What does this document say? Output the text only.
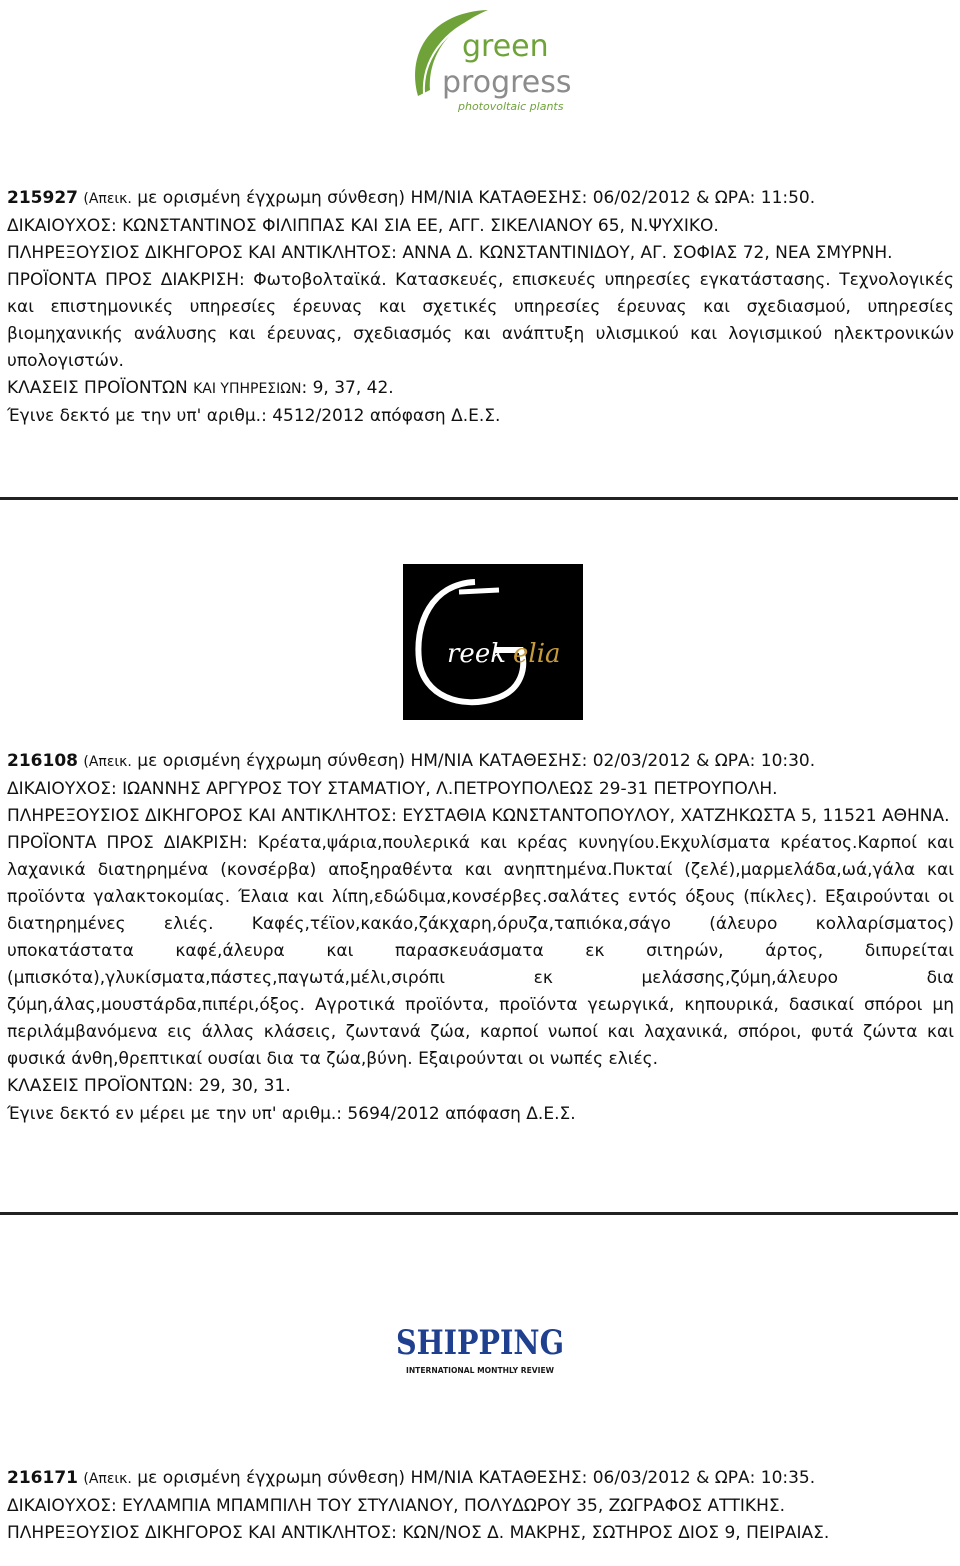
green
progress
photovoltaic plants

215927 (Απεικ. με ορισμένη έγχρωμη σύνθεση) ΗΜ/ΝΙΑ ΚΑΤΑΘΕΣΗΣ: 06/02/2012 & ΩΡΑ: 11:50.

ΔΙΚΑΙΟΥΧΟΣ: ΚΩΝΣΤΑΝΤΙΝΟΣ ΦΙΛΙΠΠΑΣ ΚΑΙ ΣΙΑ ΕΕ, ΑΓΓ. ΣΙΚΕΛΙΑΝΟΥ 65, Ν.ΨΥΧΙΚΟ.

ΠΛΗΡΕΞΟΥΣΙΟΣ ΔΙΚΗΓΟΡΟΣ ΚΑΙ ΑΝΤΙΚΛΗΤΟΣ: ΑΝΝΑ Δ. ΚΩΝΣΤΑΝΤΙΝΙΔΟΥ, ΑΓ. ΣΟΦΙΑΣ 72, ΝΕΑ ΣΜΥΡΝΗ.

ΠΡΟΪΟΝΤΑ ΠΡΟΣ ΔΙΑΚΡΙΣΗ: Φωτοβολταϊκά. Κατασκευές, επισκευές υπηρεσίες εγκατάστασης. Τεχνολογικές και επιστημονικές υπηρεσίες έρευνας και σχετικές υπηρεσίες έρευνας και σχεδιασμού, υπηρεσίες βιομηχανικής ανάλυσης και έρευνας, σχεδιασμός και ανάπτυξη υλισμικού και λογισμικού ηλεκτρονικών υπολογιστών.

ΚΛΑΣΕΙΣ ΠΡΟΪΟΝΤΩΝ ΚΑΙ ΥΠΗΡΕΣΙΩΝ: 9, 37, 42.

Έγινε δεκτό με την υπ' αριθμ.: 4512/2012 απόφαση Δ.Ε.Σ.

reek elia

216108 (Απεικ. με ορισμένη έγχρωμη σύνθεση) ΗΜ/ΝΙΑ ΚΑΤΑΘΕΣΗΣ: 02/03/2012 & ΩΡΑ: 10:30.

ΔΙΚΑΙΟΥΧΟΣ: ΙΩΑΝΝΗΣ ΑΡΓΥΡΟΣ ΤΟΥ ΣΤΑΜΑΤΙΟΥ, Λ.ΠΕΤΡΟΥΠΟΛΕΩΣ 29-31 ΠΕΤΡΟΥΠΟΛΗ.

ΠΛΗΡΕΞΟΥΣΙΟΣ ΔΙΚΗΓΟΡΟΣ ΚΑΙ ΑΝΤΙΚΛΗΤΟΣ: ΕΥΣΤΑΘΙΑ ΚΩΝΣΤΑΝΤΟΠΟΥΛΟΥ, ΧΑΤΖΗΚΩΣΤΑ 5, 11521 ΑΘΗΝΑ.

ΠΡΟΪΟΝΤΑ ΠΡΟΣ ΔΙΑΚΡΙΣΗ: Κρέατα,ψάρια,πουλερικά και κρέας κυνηγίου.Εκχυλίσματα κρέατος.Καρποί και λαχανικά διατηρημένα (κονσέρβα) αποξηραθέντα και ανηπτημένα.Πυκταί (ζελέ),μαρμελάδα,ωά,γάλα και προϊόντα γαλακτοκομίας. Έλαια και λίπη,εδώδιμα,κονσέρβες.σαλάτες εντός όξους (πίκλες). Εξαιρούνται οι διατηρημένες ελιές. Καφές,τέϊον,κακάο,ζάκχαρη,όρυζα,ταπιόκα,σάγο (άλευρο κολλαρίσματος) υποκατάστατα καφέ,άλευρα και παρασκευάσματα εκ σιτηρών, άρτος, διπυρείται (μπισκότα),γλυκίσματα,πάστες,παγωτά,μέλι,σιρόπι εκ μελάσσης,ζύμη,άλευρο δια ζύμη,άλας,μουστάρδα,πιπέρι,όξος. Αγροτικά προϊόντα, προϊόντα γεωργικά, κηπουρικά, δασικαί σπόροι μη περιλάμβανόμενα εις άλλας κλάσεις, ζωντανά ζώα, καρποί νωποί και λαχανικά, σπόροι, φυτά ζώντα και φυσικά άνθη,θρεπτικαί ουσίαι δια τα ζώα,βύνη. Εξαιρούνται οι νωπές ελιές.

ΚΛΑΣΕΙΣ ΠΡΟΪΟΝΤΩΝ: 29, 30, 31.

Έγινε δεκτό εν μέρει με την υπ' αριθμ.: 5694/2012 απόφαση Δ.Ε.Σ.

SHIPPING
INTERNATIONAL MONTHLY REVIEW

216171 (Απεικ. με ορισμένη έγχρωμη σύνθεση) ΗΜ/ΝΙΑ ΚΑΤΑΘΕΣΗΣ: 06/03/2012 & ΩΡΑ: 10:35.

ΔΙΚΑΙΟΥΧΟΣ: ΕΥΛΑΜΠΙΑ ΜΠΑΜΠΙΛΗ ΤΟΥ ΣΤΥΛΙΑΝΟΥ, ΠΟΛΥΔΩΡΟΥ 35, ΖΩΓΡΑΦΟΣ ΑΤΤΙΚΗΣ.

ΠΛΗΡΕΞΟΥΣΙΟΣ ΔΙΚΗΓΟΡΟΣ ΚΑΙ ΑΝΤΙΚΛΗΤΟΣ: ΚΩΝ/ΝΟΣ Δ. ΜΑΚΡΗΣ, ΣΩΤΗΡΟΣ ΔΙΟΣ 9, ΠΕΙΡΑΙΑΣ.
